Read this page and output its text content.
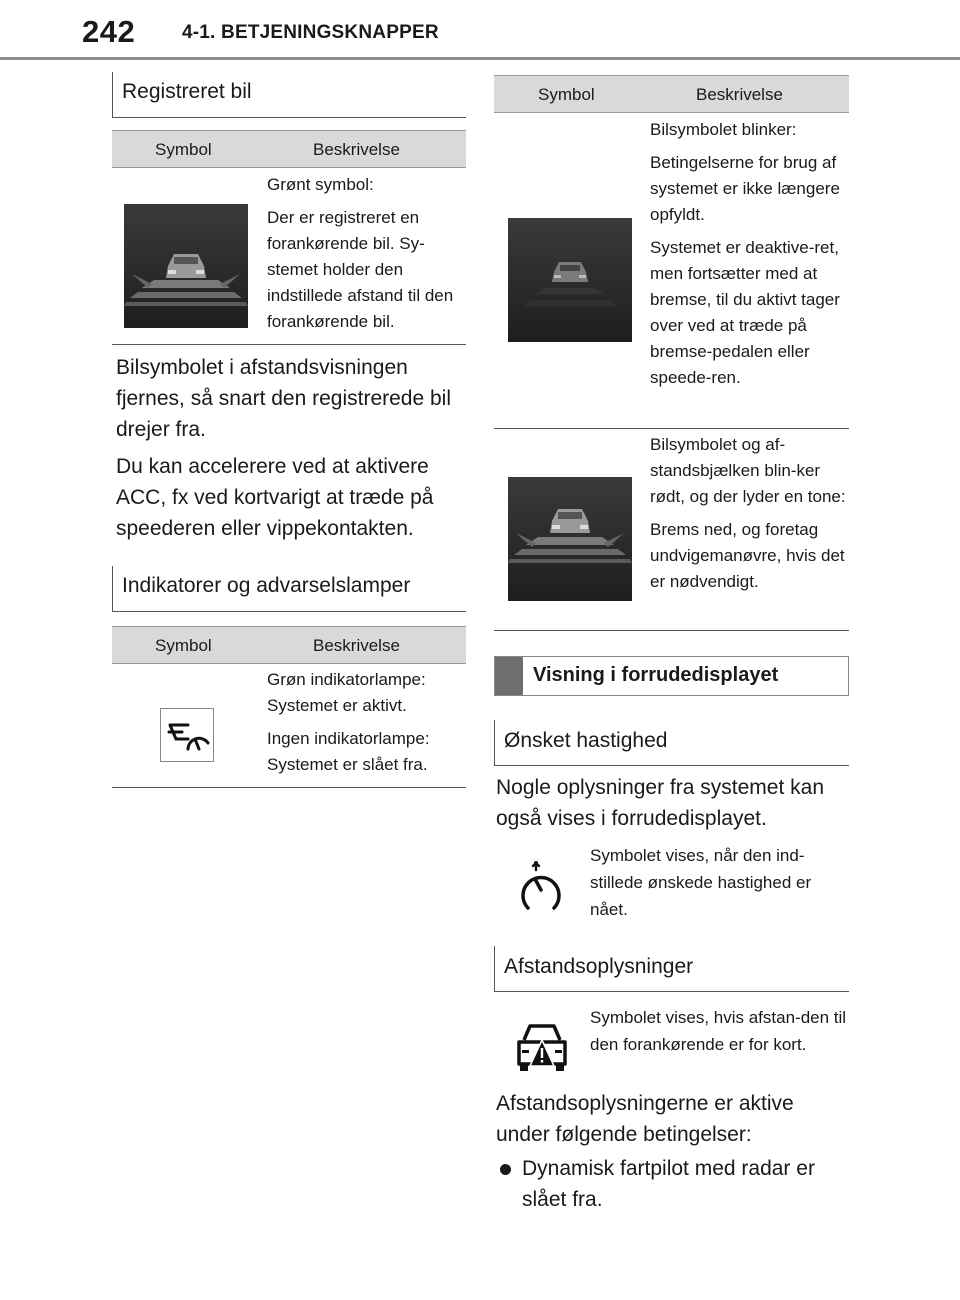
242 4-1. BETJENINGSKNAPPER
Registreret bil
Symbol	Beskrivelse

Grønt symbol:

Der er registreret en forankørende bil. Sy-stemet holder den indstillede afstand til den forankørende bil.

Bilsymbolet i afstandsvisningen fjernes, så snart den registrerede bil drejer fra.

Du kan accelerere ved at aktivere ACC, fx ved kortvarigt at træde på speederen eller vippekontakten.

Indikatorer og advarselslamper
Symbol	Beskrivelse

Grøn indikatorlampe: Systemet er aktivt.

Ingen indikatorlampe: Systemet er slået fra.

Symbol	Beskrivelse

Bilsymbolet blinker:

Betingelserne for brug af systemet er ikke længere opfyldt.

Systemet er deaktive-ret, men fortsætter med at bremse, til du aktivt tager over ved at træde på bremse-pedalen eller speede-ren.

Bilsymbolet og af-standsbjælken blin-ker rødt, og der lyder en tone:

Brems ned, og foretag undvigemanøvre, hvis det er nødvendigt.

Visning i forrudedisplayet
Ønsket hastighed

Nogle oplysninger fra systemet kan også vises i forrudedisplayet.

Symbolet vises, når den ind-stillede ønskede hastighed er nået.
Afstandsoplysninger
Symbolet vises, hvis afstan-den til den forankørende er for kort.

Afstandsoplysningerne er aktive under følgende betingelser:

Dynamisk fartpilot med radar er slået fra.
